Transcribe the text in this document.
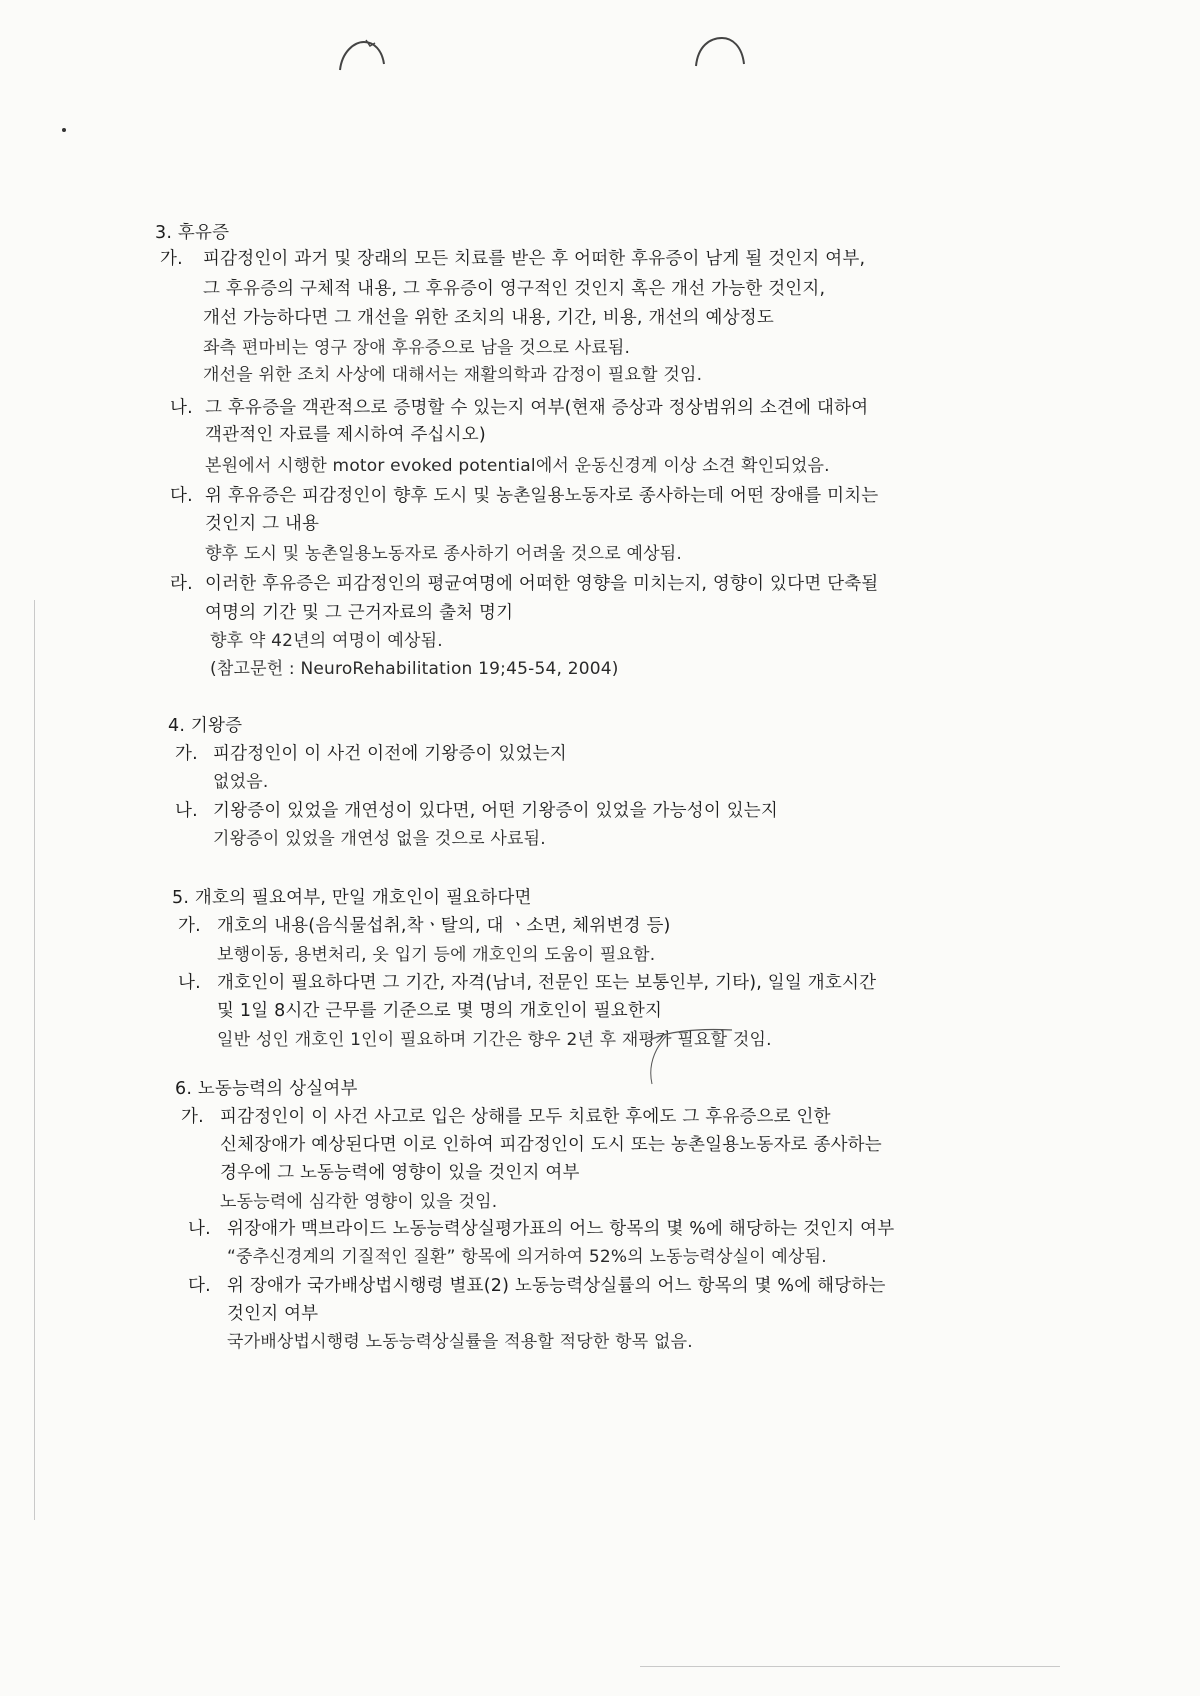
3. 후유증
가. 피감정인이 과거 및 장래의 모든 치료를 받은 후 어떠한 후유증이 남게 될 것인지 여부,
그 후유증의 구체적 내용, 그 후유증이 영구적인 것인지 혹은 개선 가능한 것인지,
개선 가능하다면 그 개선을 위한 조치의 내용, 기간, 비용, 개선의 예상정도
좌측 편마비는 영구 장애 후유증으로 남을 것으로 사료됨.
개선을 위한 조치 사상에 대해서는 재활의학과 감정이 필요할 것임.
나. 그 후유증을 객관적으로 증명할 수 있는지 여부(현재 증상과 정상범위의 소견에 대하여
객관적인 자료를 제시하여 주십시오)
본원에서 시행한 motor evoked potential에서 운동신경계 이상 소견 확인되었음.
다. 위 후유증은 피감정인이 향후 도시 및 농촌일용노동자로 종사하는데 어떤 장애를 미치는
것인지 그 내용
향후 도시 및 농촌일용노동자로 종사하기 어려울 것으로 예상됨.
라. 이러한 후유증은 피감정인의 평균여명에 어떠한 영향을 미치는지, 영향이 있다면 단축될
여명의 기간 및 그 근거자료의 출처 명기
향후 약 42년의 여명이 예상됨.
(참고문헌 : NeuroRehabilitation 19;45-54, 2004)
4. 기왕증
가. 피감정인이 이 사건 이전에 기왕증이 있었는지
없었음.
나. 기왕증이 있었을 개연성이 있다면, 어떤 기왕증이 있었을 가능성이 있는지
기왕증이 있었을 개연성 없을 것으로 사료됨.
5. 개호의 필요여부, 만일 개호인이 필요하다면
가. 개호의 내용(음식물섭취,착ㆍ탈의, 대 ㆍ소면, 체위변경 등)
보행이동, 용변처리, 옷 입기 등에 개호인의 도움이 필요함.
나. 개호인이 필요하다면 그 기간, 자격(남녀, 전문인 또는 보통인부, 기타), 일일 개호시간
및 1일 8시간 근무를 기준으로 몇 명의 개호인이 필요한지
일반 성인 개호인 1인이 필요하며 기간은 향우 2년 후 재평가 필요할 것임.
6. 노동능력의 상실여부
가. 피감정인이 이 사건 사고로 입은 상해를 모두 치료한 후에도 그 후유증으로 인한
신체장애가 예상된다면 이로 인하여 피감정인이 도시 또는 농촌일용노동자로 종사하는
경우에 그 노동능력에 영향이 있을 것인지 여부
노동능력에 심각한 영향이 있을 것임.
나. 위장애가 맥브라이드 노동능력상실평가표의 어느 항목의 몇 %에 해당하는 것인지 여부
“중추신경계의 기질적인 질환” 항목에 의거하여 52%의 노동능력상실이 예상됨.
다. 위 장애가 국가배상법시행령 별표(2) 노동능력상실률의 어느 항목의 몇 %에 해당하는
것인지 여부
국가배상법시행령 노동능력상실률을 적용할 적당한 항목 없음.
